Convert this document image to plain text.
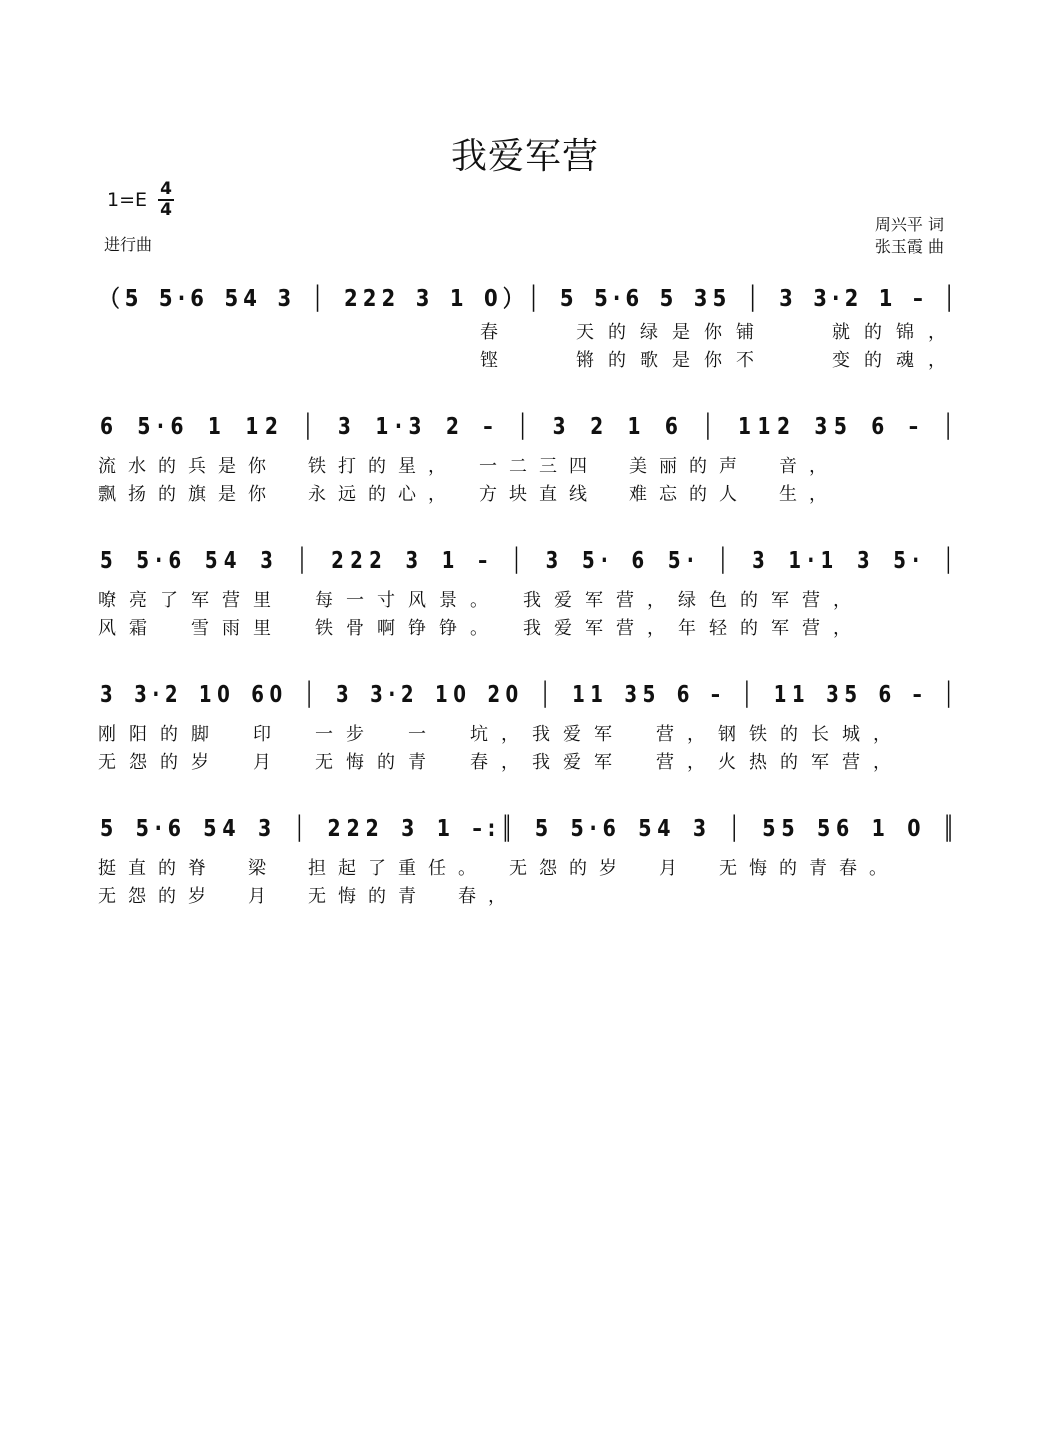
我爱军营
1=E 4
4
进行曲
周兴平 词
张玉霞 曲
（5 5·6 54 3 │ 222 3 1 0）│ 5 5·6 5 35 │ 3 3·2 1 – │
春　　天的绿是你铺　　就的锦，
铿　　锵的歌是你不　　变的魂，
6 5·6 1 12 │ 3 1·3 2 – │ 3 2 1 6 │ 112 35 6 – │
流水的兵是你　铁打的星，　一二三四　美丽的声　音，
飘扬的旗是你　永远的心，　方块直线　难忘的人　生，
5 5·6 54 3 │ 222 3 1 – │ 3 5· 6 5· │ 3 1·1 3 5· │
嘹亮了军营里　每一寸风景。　我爱军营，绿色的军营，
风霜　雪雨里　铁骨啊铮铮。　我爱军营，年轻的军营，
3 3·2 10 60 │ 3 3·2 10 20 │ 11 35 6 – │ 11 35 6 – │
刚阳的脚　印　一步　一　坑，我爱军　营，钢铁的长城，
无怨的岁　月　无悔的青　春，我爱军　营，火热的军营，
5 5·6 54 3 │ 222 3 1 –:║ 5 5·6 54 3 │ 55 56 1 0 ║
挺直的脊　梁　担起了重任。　无怨的岁　月　无悔的青春。
无怨的岁　月　无悔的青　春，
